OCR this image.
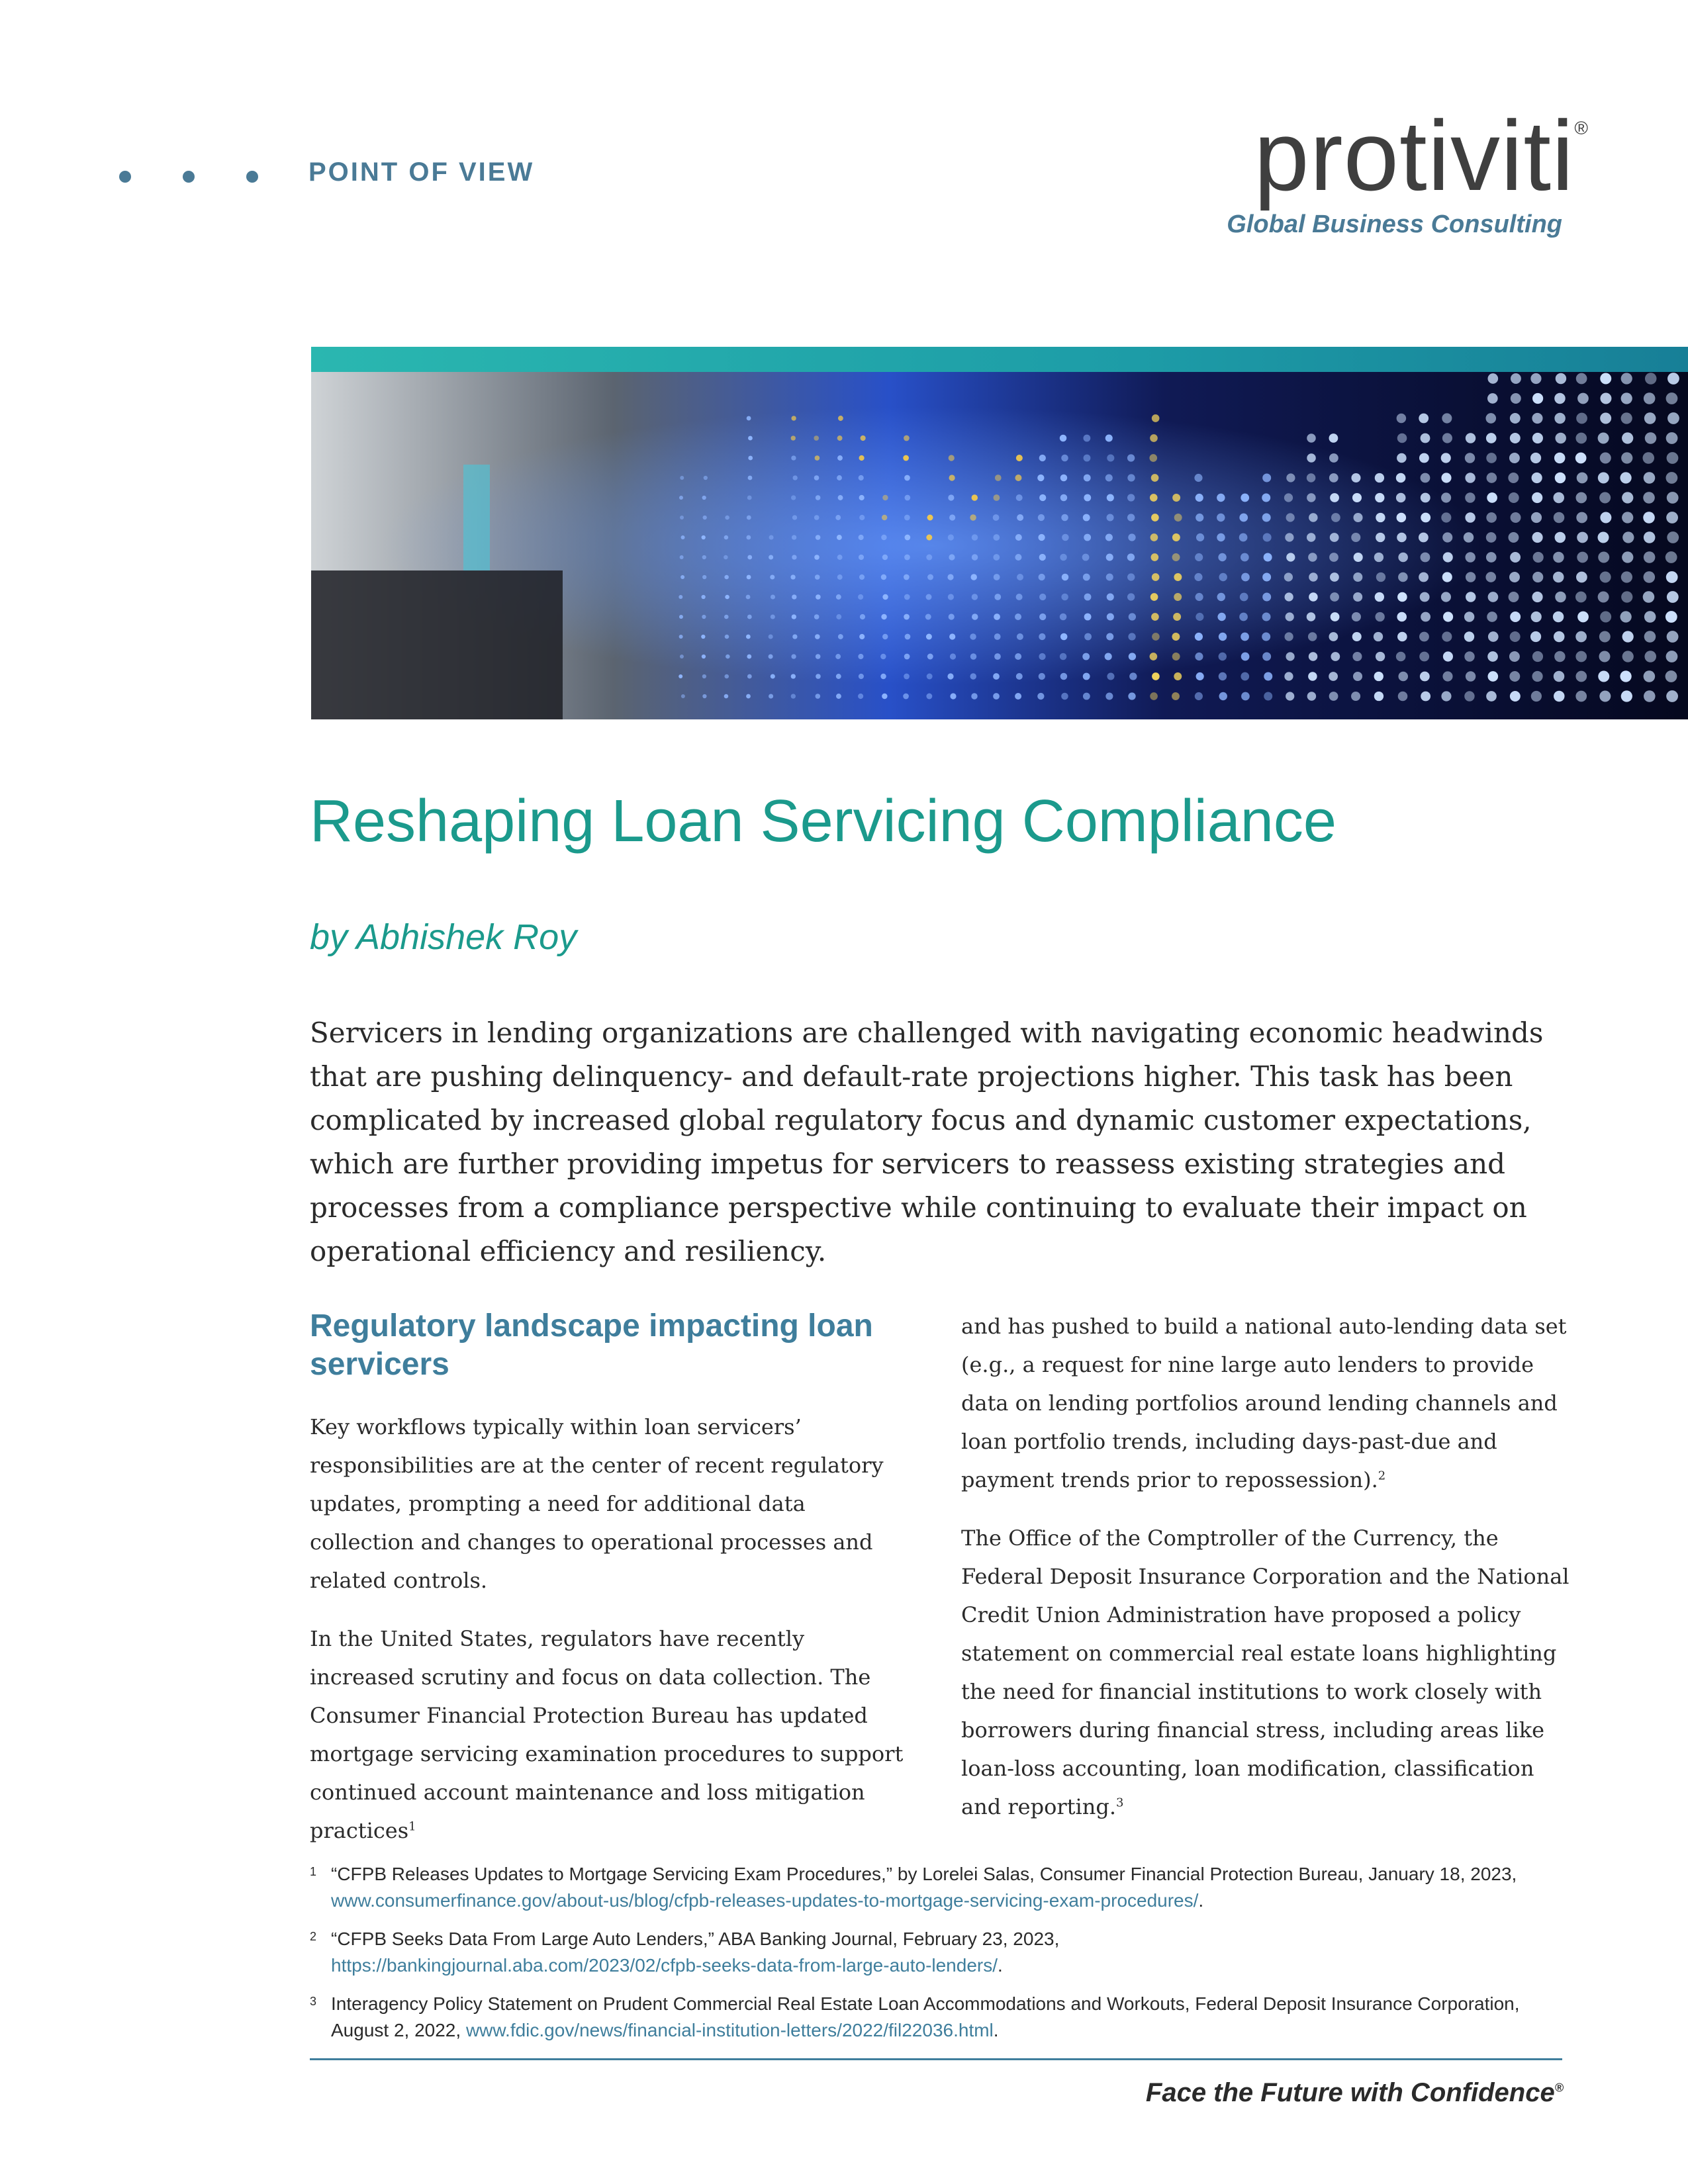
POINT OF VIEW	protiviti®
Global Business Consulting
Reshaping Loan Servicing Compliance
by Abhishek Roy

Servicers in lending organizations are challenged with navigating economic headwinds that are pushing delinquency- and default-rate projections higher. This task has been complicated by increased global regulatory focus and dynamic customer expectations, which are further providing impetus for servicers to reassess existing strategies and processes from a compliance perspective while continuing to evaluate their impact on operational efficiency and resiliency.

Regulatory landscape impacting loan servicers

Key workflows typically within loan servicers’ responsibilities are at the center of recent regulatory updates, prompting a need for additional data collection and changes to operational processes and related controls.

In the United States, regulators have recently increased scrutiny and focus on data collection. The Consumer Financial Protection Bureau has updated mortgage servicing examination procedures to support continued account maintenance and loss mitigation practices$^1$

and has pushed to build a national auto-lending data set (e.g., a request for nine large auto lenders to provide data on lending portfolios around lending channels and loan portfolio trends, including days-past-due and payment trends prior to repossession).$^2$

The Office of the Comptroller of the Currency, the Federal Deposit Insurance Corporation and the National Credit Union Administration have proposed a policy statement on commercial real estate loans highlighting the need for financial institutions to work closely with borrowers during financial stress, including areas like loan-loss accounting, loan modification, classification and reporting.$^3$

1 “CFPB Releases Updates to Mortgage Servicing Exam Procedures,” by Lorelei Salas, Consumer Financial Protection Bureau, January 18, 2023, www.consumerfinance.gov/about-us/blog/cfpb-releases-updates-to-mortgage-servicing-exam-procedures/.
2 “CFPB Seeks Data From Large Auto Lenders,” ABA Banking Journal, February 23, 2023,
https://bankingjournal.aba.com/2023/02/cfpb-seeks-data-from-large-auto-lenders/.
3 Interagency Policy Statement on Prudent Commercial Real Estate Loan Accommodations and Workouts, Federal Deposit Insurance Corporation, August 2, 2022, www.fdic.gov/news/financial-institution-letters/2022/fil22036.html.
Face the Future with Confidence®
